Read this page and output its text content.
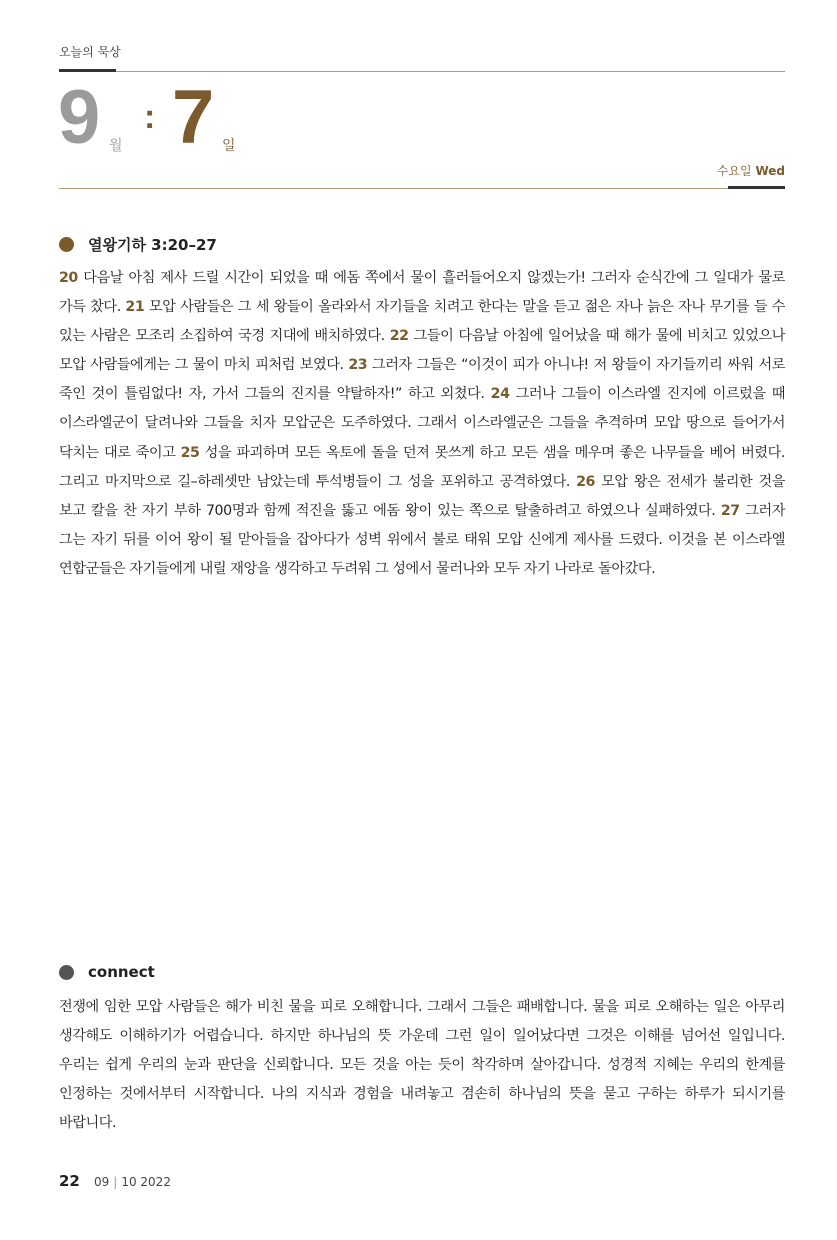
오늘의 묵상
9 월
: 7 일
수요일 Wed
열왕기하 3:20–27
20 다음날 아침 제사 드릴 시간이 되었을 때 에돔 쪽에서 물이 흘러들어오지 않겠는가! 그러자 순식간에 그 일대가 물로 가득 찼다. 21 모압 사람들은 그 세 왕들이 올라와서 자기들을 치려고 한다는 말을 듣고 젊은 자나 늙은 자나 무기를 들 수 있는 사람은 모조리 소집하여 국경 지대에 배치하였다. 22 그들이 다음날 아침에 일어났을 때 해가 물에 비치고 있었으나 모압 사람들에게는 그 물이 마치 피처럼 보였다. 23 그러자 그들은 “이것이 피가 아니냐! 저 왕들이 자기들끼리 싸워 서로 죽인 것이 틀림없다! 자, 가서 그들의 진지를 약탈하자!” 하고 외쳤다. 24 그러나 그들이 이스라엘 진지에 이르렀을 때 이스라엘군이 달려나와 그들을 치자 모압군은 도주하였다. 그래서 이스라엘군은 그들을 추격하며 모압 땅으로 들어가서 닥치는 대로 죽이고 25 성을 파괴하며 모든 옥토에 돌을 던져 못쓰게 하고 모든 샘을 메우며 좋은 나무들을 베어 버렸다. 그리고 마지막으로 길–하레셋만 남았는데 투석병들이 그 성을 포위하고 공격하였다. 26 모압 왕은 전세가 불리한 것을 보고 칼을 찬 자기 부하 700명과 함께 적진을 뚫고 에돔 왕이 있는 쪽으로 탈출하려고 하였으나 실패하였다. 27 그러자 그는 자기 뒤를 이어 왕이 될 맏아들을 잡아다가 성벽 위에서 불로 태워 모압 신에게 제사를 드렸다. 이것을 본 이스라엘 연합군들은 자기들에게 내릴 재앙을 생각하고 두려워 그 성에서 물러나와 모두 자기 나라로 돌아갔다.
connect
전쟁에 임한 모압 사람들은 해가 비친 물을 피로 오해합니다. 그래서 그들은 패배합니다. 물을 피로 오해하는 일은 아무리 생각해도 이해하기가 어렵습니다. 하지만 하나님의 뜻 가운데 그런 일이 일어났다면 그것은 이해를 넘어선 일입니다. 우리는 쉽게 우리의 눈과 판단을 신뢰합니다. 모든 것을 아는 듯이 착각하며 살아갑니다. 성경적 지혜는 우리의 한계를 인정하는 것에서부터 시작합니다. 나의 지식과 경험을 내려놓고 겸손히 하나님의 뜻을 묻고 구하는 하루가 되시기를 바랍니다.
22 09 | 10 2022
